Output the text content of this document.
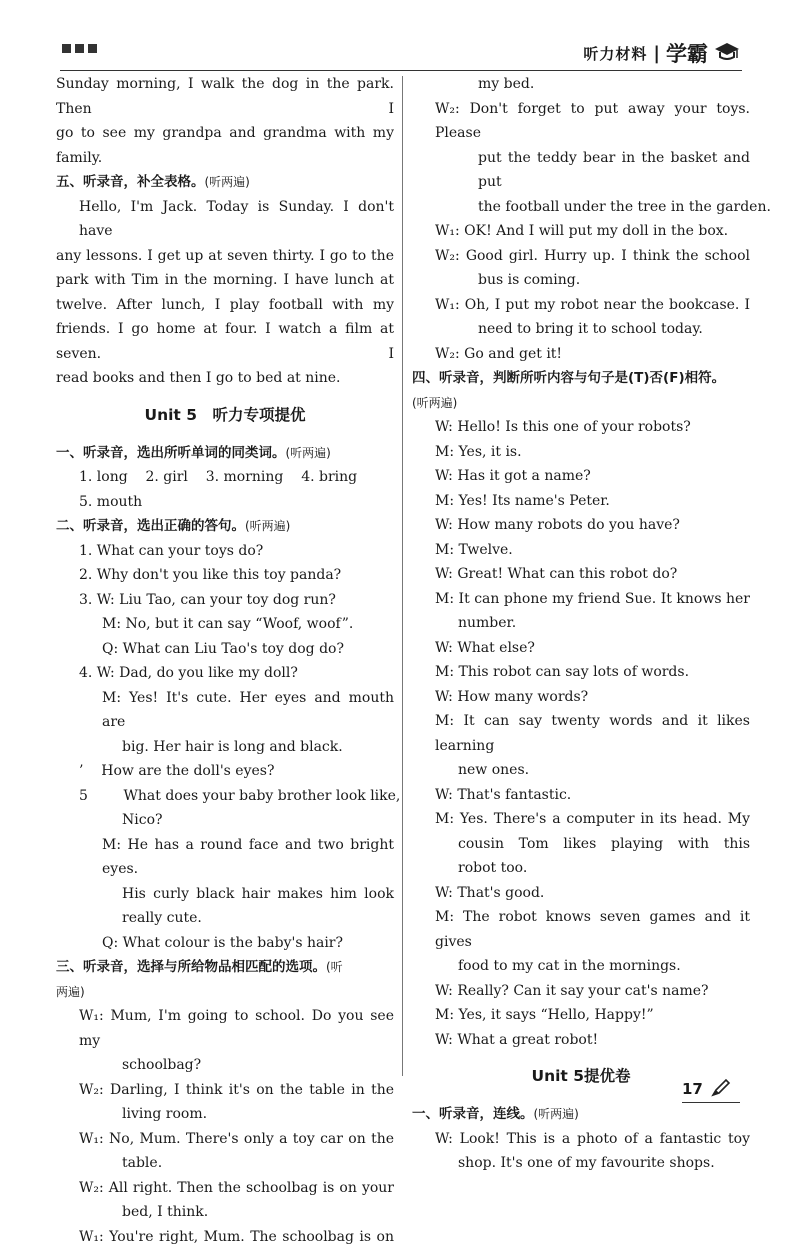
听力材料 | 学霸
Sunday morning, I walk the dog in the park. Then I
go to see my grandpa and grandma with my family.
五、听录音，补全表格。(听两遍)
Hello, I'm Jack. Today is Sunday. I don't have
any lessons. I get up at seven thirty. I go to the
park with Tim in the morning. I have lunch at
twelve. After lunch, I play football with my
friends. I go home at four. I watch a film at seven. I
read books and then I go to bed at nine.
Unit 5　听力专项提优
一、听录音，选出所听单词的同类词。(听两遍)
1. long    2. girl    3. morning    4. bring
5. mouth
二、听录音，选出正确的答句。(听两遍)
1. What can your toys do?
2. Why don't you like this toy panda?
3. W: Liu Tao, can your toy dog run?
M: No, but it can say “Woof, woof”.
Q: What can Liu Tao's toy dog do?
4. W: Dad, do you like my doll?
M: Yes! It's cute. Her eyes and mouth are
big. Her hair is long and black.
’    How are the doll's eyes?
5        What does your baby brother look like,
Nico?
M: He has a round face and two bright eyes.
His curly black hair makes him look
really cute.
Q: What colour is the baby's hair?
三、听录音，选择与所给物品相匹配的选项。(听
两遍)
W₁: Mum, I'm going to school. Do you see my
schoolbag?
W₂: Darling, I think it's on the table in the
living room.
W₁: No, Mum. There's only a toy car on the
table.
W₂: All right. Then the schoolbag is on your
bed, I think.
W₁: You're right, Mum. The schoolbag is on
my bed.
W₂: Don't forget to put away your toys. Please
put the teddy bear in the basket and put
the football under the tree in the garden.
W₁: OK! And I will put my doll in the box.
W₂: Good girl. Hurry up. I think the school
bus is coming.
W₁: Oh, I put my robot near the bookcase. I
need to bring it to school today.
W₂: Go and get it!
四、听录音，判断所听内容与句子是(T)否(F)相符。
(听两遍)
W: Hello! Is this one of your robots?
M: Yes, it is.
W: Has it got a name?
M: Yes! Its name's Peter.
W: How many robots do you have?
M: Twelve.
W: Great! What can this robot do?
M: It can phone my friend Sue. It knows her
number.
W: What else?
M: This robot can say lots of words.
W: How many words?
M: It can say twenty words and it likes learning
new ones.
W: That's fantastic.
M: Yes. There's a computer in its head. My
cousin Tom likes playing with this
robot too.
W: That's good.
M: The robot knows seven games and it gives
food to my cat in the mornings.
W: Really? Can it say your cat's name?
M: Yes, it says “Hello, Happy!”
W: What a great robot!
Unit 5提优卷
一、听录音，连线。(听两遍)
W: Look! This is a photo of a fantastic toy
shop. It's one of my favourite shops.
17
